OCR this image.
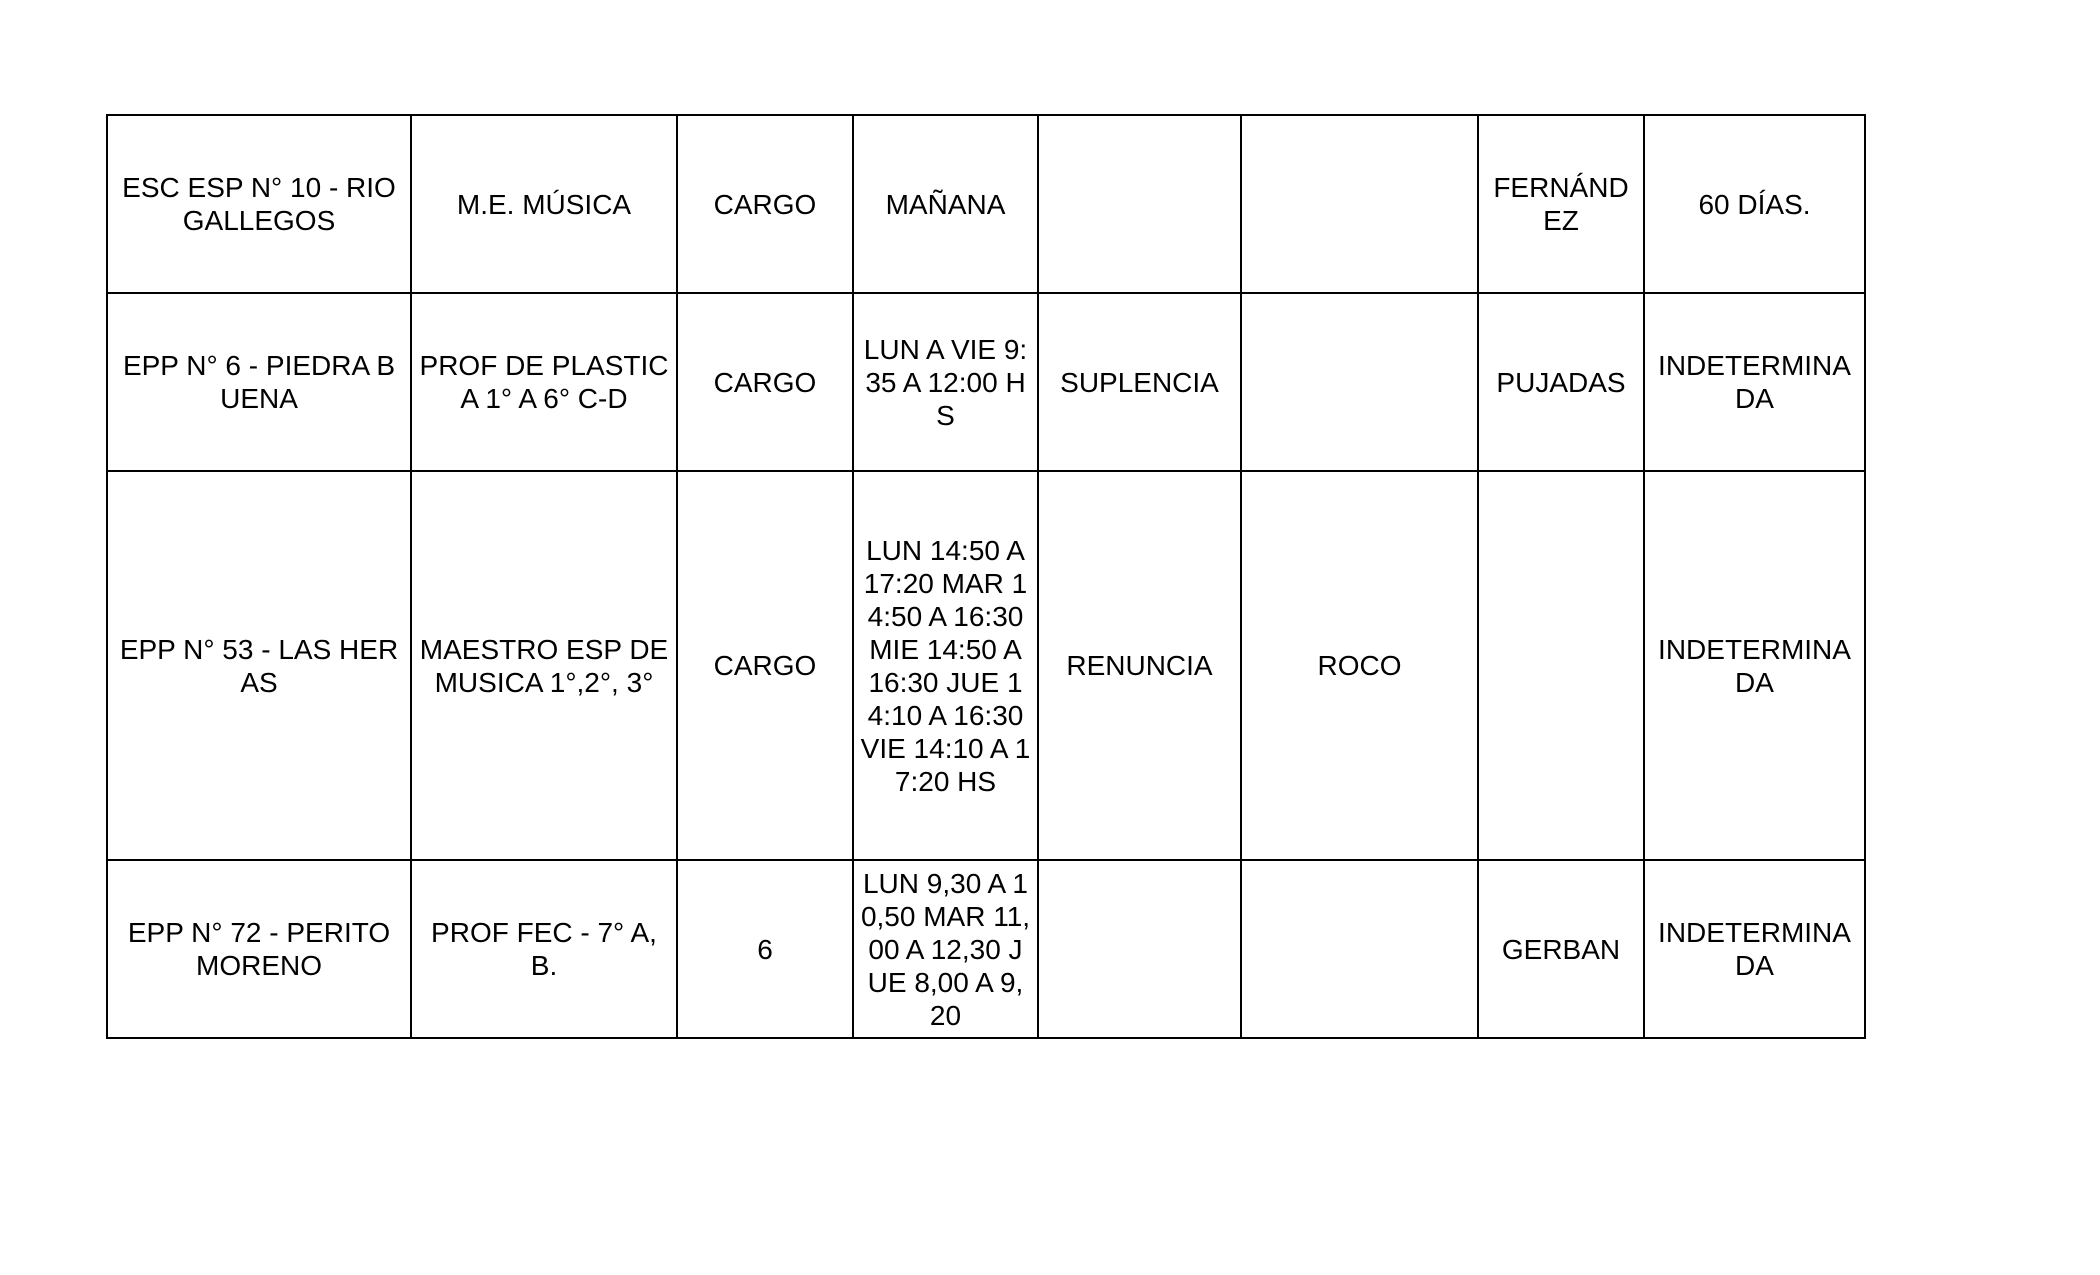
ESC ESP N° 10 - RIO GALLEGOS	M.E. MÚSICA	CARGO	MAÑANA			FERNÁNDEZ	60 DÍAS.
EPP N° 6 - PIEDRA BUENA	PROF DE PLASTICA 1° A 6° C-D	CARGO	LUN A VIE 9:35 A 12:00 HS	SUPLENCIA		PUJADAS	INDETERMINADA
EPP N° 53 - LAS HERAS	MAESTRO ESP DE MUSICA 1°,2°, 3°	CARGO	LUN 14:50 A 17:20 MAR 14:50 A 16:30 MIE 14:50 A 16:30 JUE 14:10 A 16:30 VIE 14:10 A 17:20 HS	RENUNCIA	ROCO		INDETERMINADA
EPP N° 72 - PERITO MORENO	PROF FEC - 7° A,B.	6	LUN 9,30 A 10,50 MAR 11,00 A 12,30 JUE 8,00 A 9,20			GERBAN	INDETERMINADA
